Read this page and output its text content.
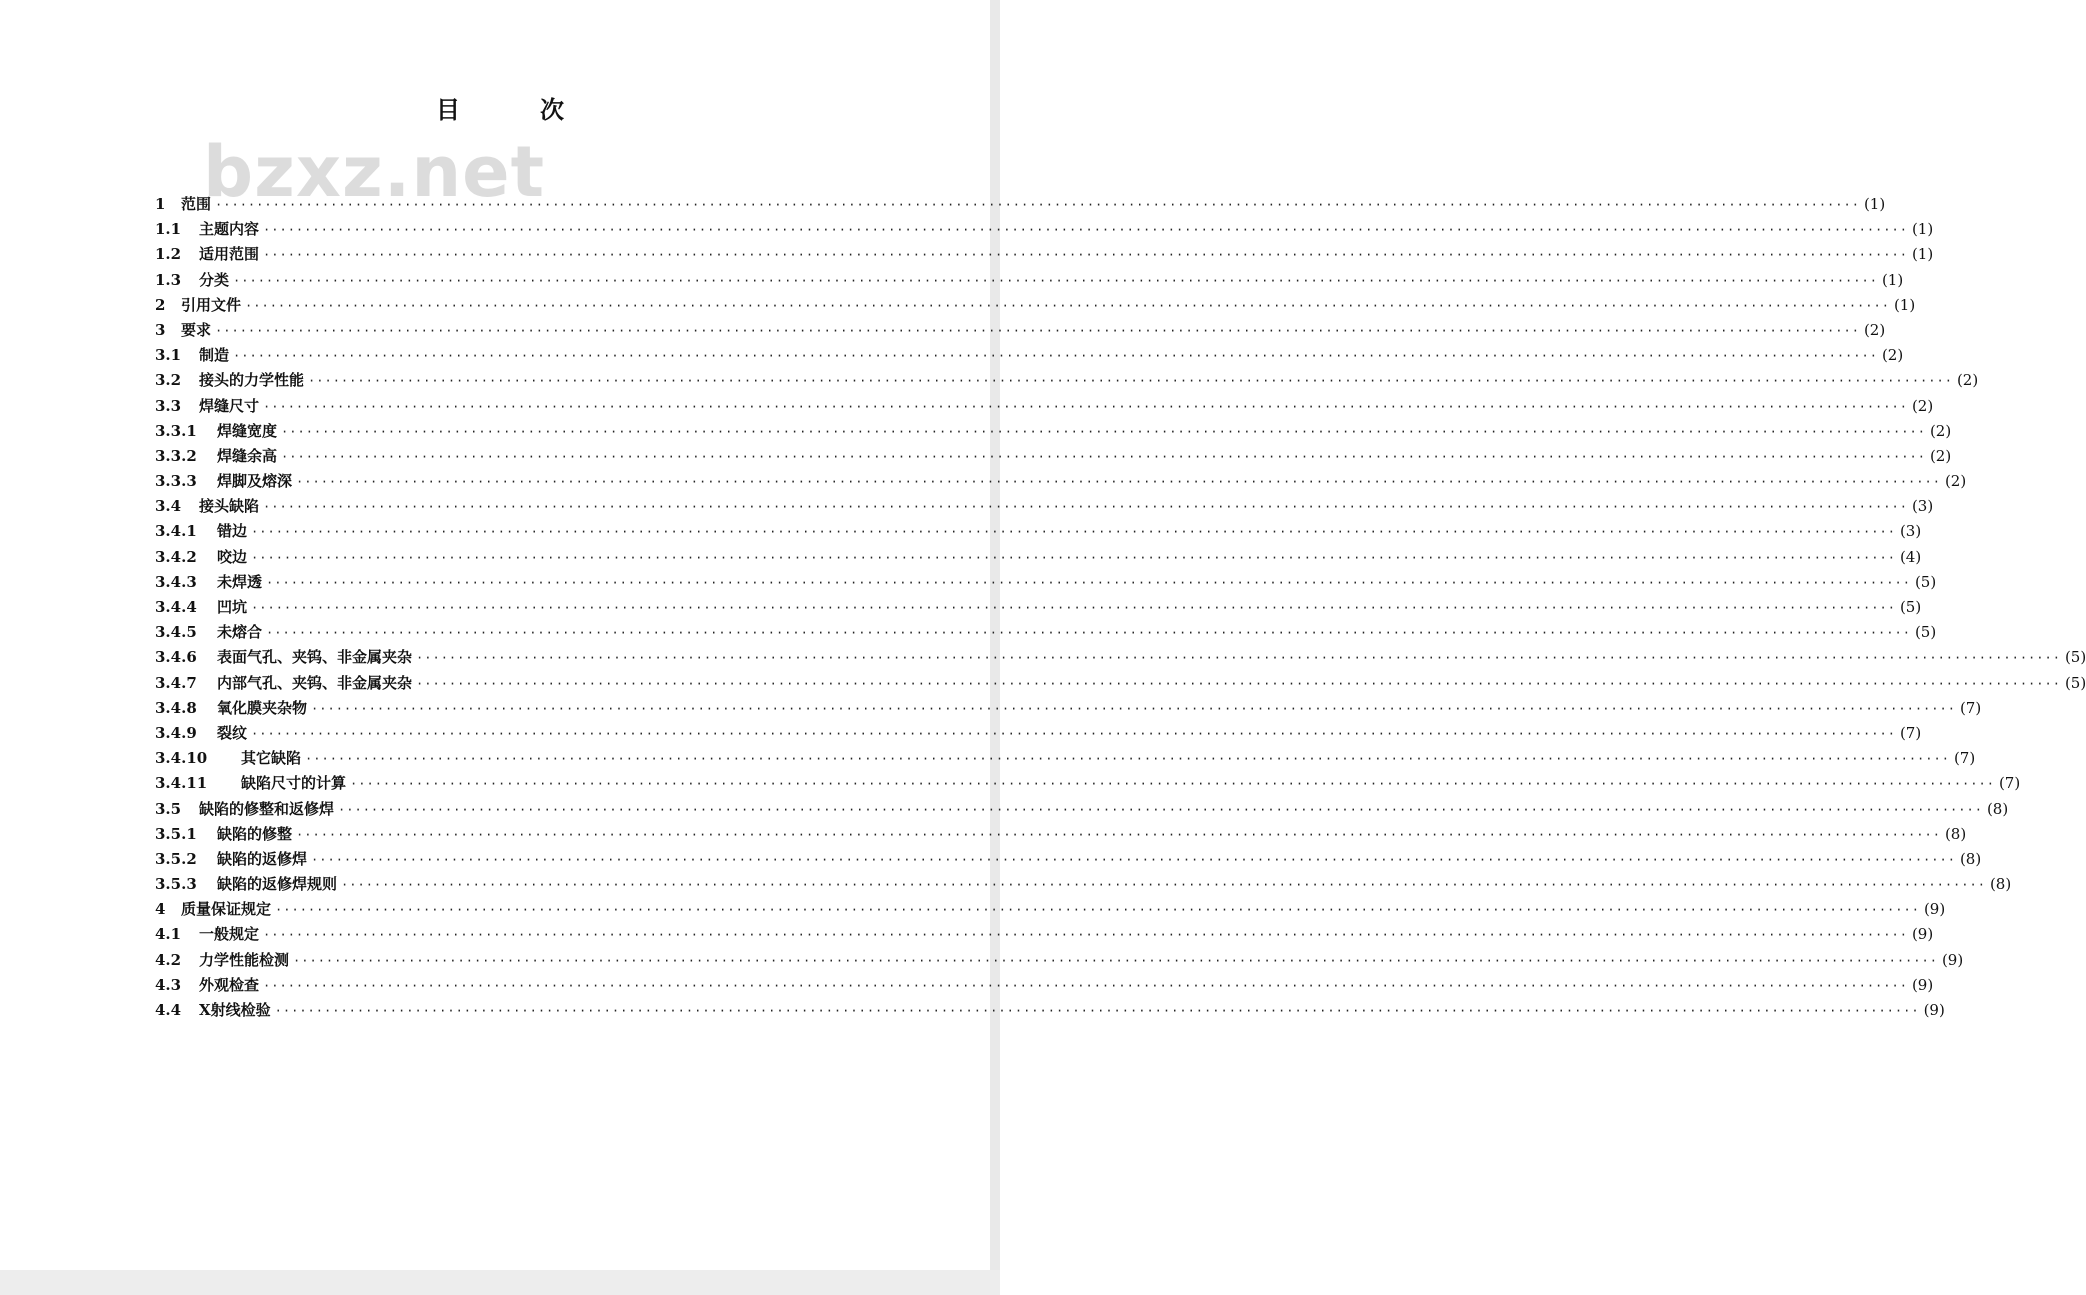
目	次
bzxz.net
1	范围 ········································································································································································································ (1)
1.1	主题内容 ········································································································································································································ (1)
1.2	适用范围 ········································································································································································································ (1)
1.3	分类 ········································································································································································································ (1)
2	引用文件 ········································································································································································································ (1)
3	要求 ········································································································································································································ (2)
3.1	制造 ········································································································································································································ (2)
3.2	接头的力学性能 ········································································································································································································ (2)
3.3	焊缝尺寸 ········································································································································································································ (2)
3.3.1	焊缝宽度 ········································································································································································································ (2)
3.3.2	焊缝余高 ········································································································································································································ (2)
3.3.3	焊脚及熔深 ········································································································································································································ (2)
3.4	接头缺陷 ········································································································································································································ (3)
3.4.1	错边 ········································································································································································································ (3)
3.4.2	咬边 ········································································································································································································ (4)
3.4.3	未焊透 ········································································································································································································ (5)
3.4.4	凹坑 ········································································································································································································ (5)
3.4.5	未熔合 ········································································································································································································ (5)
3.4.6	表面气孔、夹钨、非金属夹杂 ········································································································································································································ (5)
3.4.7	内部气孔、夹钨、非金属夹杂 ········································································································································································································ (5)
3.4.8	氧化膜夹杂物 ········································································································································································································ (7)
3.4.9	裂纹 ········································································································································································································ (7)
3.4.10	其它缺陷 ········································································································································································································ (7)
3.4.11	缺陷尺寸的计算 ········································································································································································································ (7)
3.5	缺陷的修整和返修焊 ········································································································································································································ (8)
3.5.1	缺陷的修整 ········································································································································································································ (8)
3.5.2	缺陷的返修焊 ········································································································································································································ (8)
3.5.3	缺陷的返修焊规则 ········································································································································································································ (8)
4	质量保证规定 ········································································································································································································ (9)
4.1	一般规定 ········································································································································································································ (9)
4.2	力学性能检测 ········································································································································································································ (9)
4.3	外观检查 ········································································································································································································ (9)
4.4	X射线检验 ········································································································································································································ (9)
